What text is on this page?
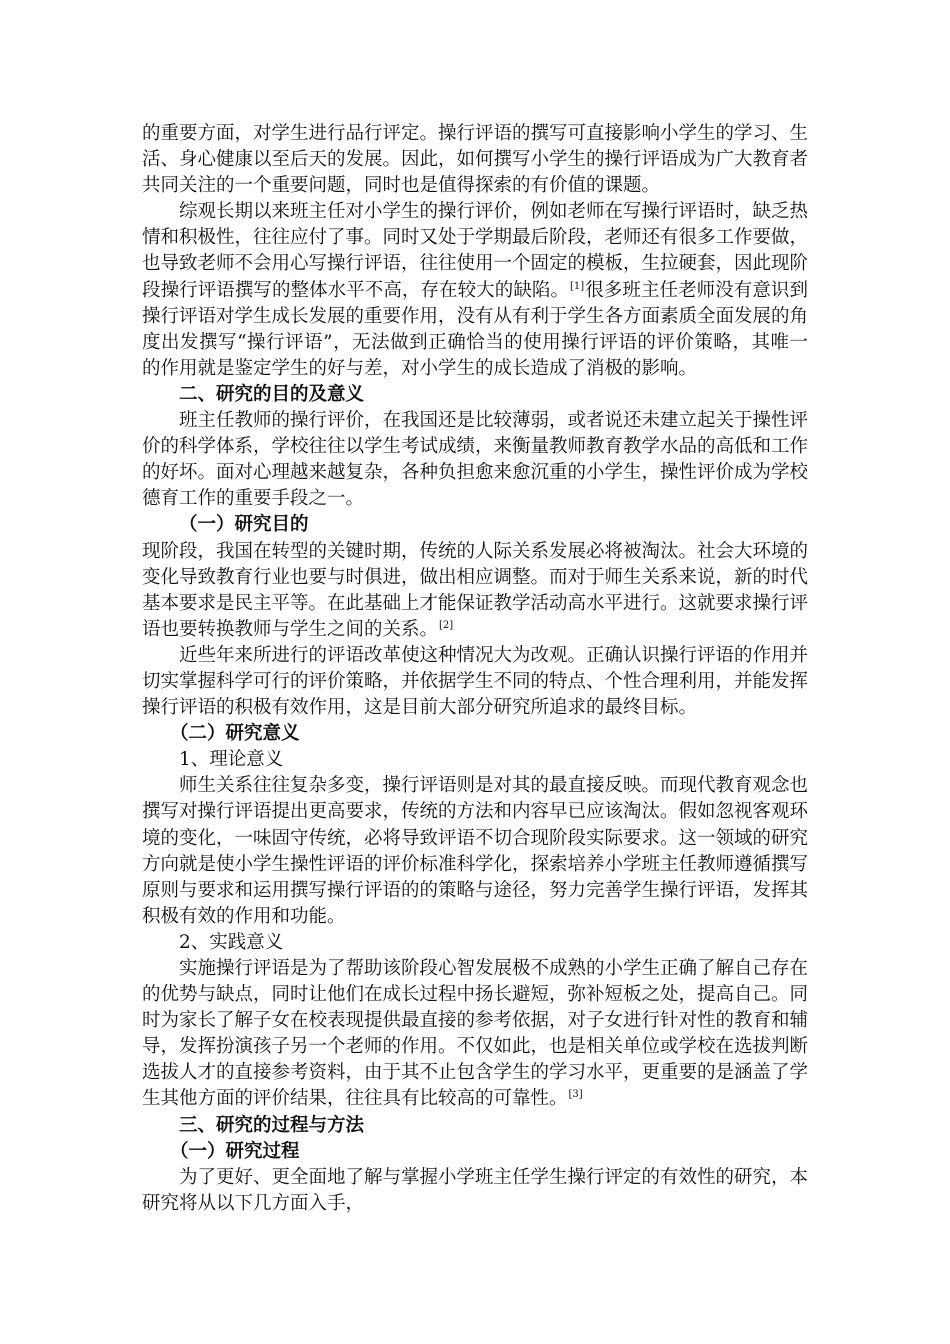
的重要方面，对学生进行品行评定。操行评语的撰写可直接影响小学生的学习、生活、身心健康以至后天的发展。因此，如何撰写小学生的操行评语成为广大教育者共同关注的一个重要问题，同时也是值得探索的有价值的课题。

综观长期以来班主任对小学生的操行评价，例如老师在写操行评语时，缺乏热情和积极性，往往应付了事。同时又处于学期最后阶段，老师还有很多工作要做，也导致老师不会用心写操行评语，往往使用一个固定的模板，生拉硬套，因此现阶段操行评语撰写的整体水平不高，存在较大的缺陷。[1]很多班主任老师没有意识到操行评语对学生成长发展的重要作用，没有从有利于学生各方面素质全面发展的角度出发撰写“操行评语”，无法做到正确恰当的使用操行评语的评价策略，其唯一的作用就是鉴定学生的好与差，对小学生的成长造成了消极的影响。

二、研究的目的及意义

班主任教师的操行评价，在我国还是比较薄弱，或者说还未建立起关于操性评价的科学体系，学校往往以学生考试成绩，来衡量教师教育教学水品的高低和工作的好坏。面对心理越来越复杂，各种负担愈来愈沉重的小学生，操性评价成为学校德育工作的重要手段之一。

（一）研究目的

现阶段，我国在转型的关键时期，传统的人际关系发展必将被淘汰。社会大环境的变化导致教育行业也要与时俱进，做出相应调整。而对于师生关系来说，新的时代基本要求是民主平等。在此基础上才能保证教学活动高水平进行。这就要求操行评语也要转换教师与学生之间的关系。[2]

近些年来所进行的评语改革使这种情况大为改观。正确认识操行评语的作用并切实掌握科学可行的评价策略，并依据学生不同的特点、个性合理利用，并能发挥操行评语的积极有效作用，这是目前大部分研究所追求的最终目标。

（二）研究意义

1、理论意义

师生关系往往复杂多变，操行评语则是对其的最直接反映。而现代教育观念也撰写对操行评语提出更高要求，传统的方法和内容早已应该淘汰。假如忽视客观环境的变化，一味固守传统，必将导致评语不切合现阶段实际要求。这一领域的研究方向就是使小学生操性评语的评价标准科学化，探索培养小学班主任教师遵循撰写原则与要求和运用撰写操行评语的的策略与途径，努力完善学生操行评语，发挥其积极有效的作用和功能。

2、实践意义

实施操行评语是为了帮助该阶段心智发展极不成熟的小学生正确了解自己存在的优势与缺点，同时让他们在成长过程中扬长避短，弥补短板之处，提高自己。同时为家长了解子女在校表现提供最直接的参考依据，对子女进行针对性的教育和辅导，发挥扮演孩子另一个老师的作用。不仅如此，也是相关单位或学校在选拔判断选拔人才的直接参考资料，由于其不止包含学生的学习水平，更重要的是涵盖了学生其他方面的评价结果，往往具有比较高的可靠性。[3]

三、研究的过程与方法

（一）研究过程

为了更好、更全面地了解与掌握小学班主任学生操行评定的有效性的研究，本研究将从以下几方面入手，
